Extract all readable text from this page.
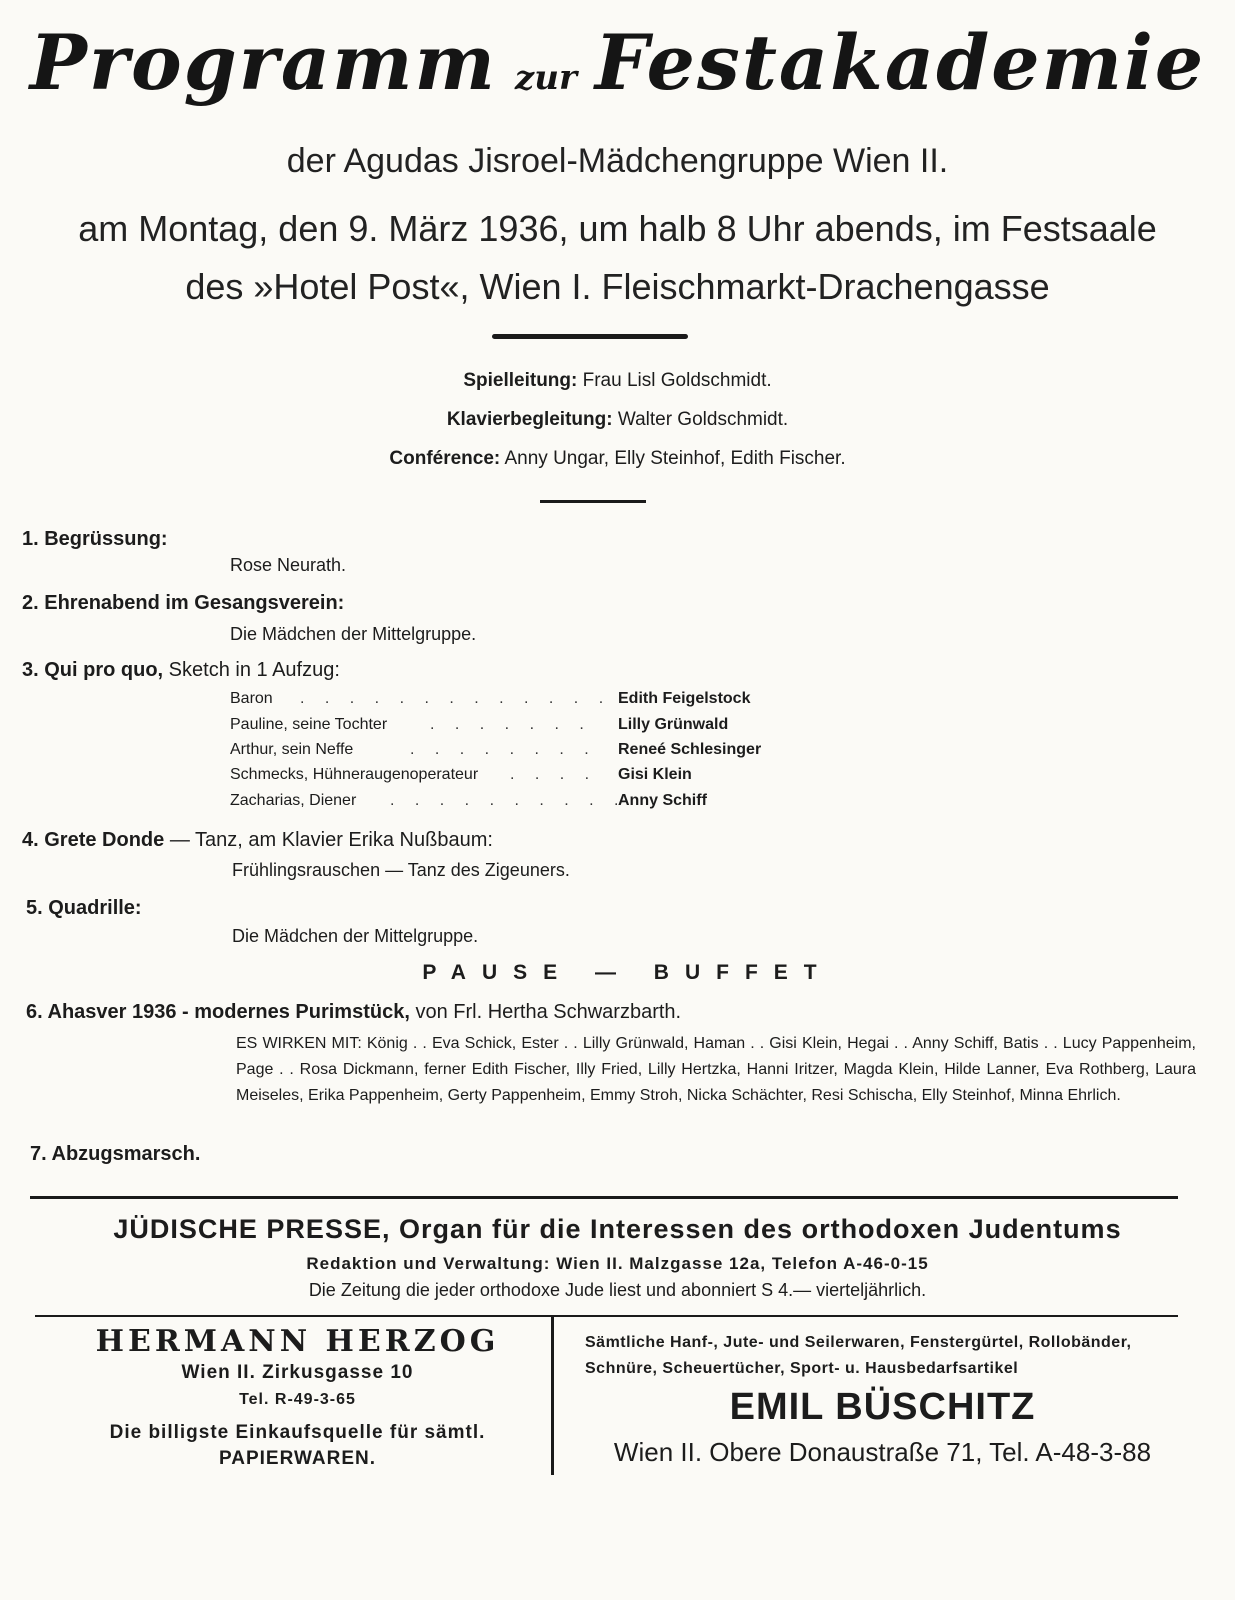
Programm zur Festakademie
der Agudas Jisroel-Mädchengruppe Wien II.
am Montag, den 9. März 1936, um halb 8 Uhr abends, im Festsaale
des »Hotel Post«, Wien I. Fleischmarkt-Drachengasse
Spielleitung: Frau Lisl Goldschmidt.
Klavierbegleitung: Walter Goldschmidt.
Conférence: Anny Ungar, Elly Steinhof, Edith Fischer.
1. Begrüssung:
Rose Neurath.
2. Ehrenabend im Gesangsverein:
Die Mädchen der Mittelgruppe.
3. Qui pro quo, Sketch in 1 Aufzug:
Baron . . . . . . . . . . . . . .
Edith Feigelstock
Pauline, seine Tochter	. . . . . . . Lilly Grünwald
Arthur, sein Neffe	. . . . . . . . Reneé Schlesinger
Schmecks, Hühneraugenoperateur . . . . Gisi Klein
Zacharias, Diener . . . . . . . . . .
Anny Schiff
4. Grete Donde — Tanz, am Klavier Erika Nußbaum:
Frühlingsrauschen — Tanz des Zigeuners.
5. Quadrille:
Die Mädchen der Mittelgruppe.
PAUSE — BUFFET
6. Ahasver 1936 - modernes Purimstück, von Frl. Hertha Schwarzbarth.
ES WIRKEN MIT: König . . Eva Schick, Ester . . Lilly Grünwald, Haman . . Gisi Klein, Hegai . . Anny Schiff, Batis . . Lucy Pappenheim, Page . . Rosa Dickmann, ferner Edith Fischer, Illy Fried, Lilly Hertzka, Hanni Iritzer, Magda Klein, Hilde Lanner, Eva Rothberg, Laura Meiseles, Erika Pappenheim, Gerty Pappenheim, Emmy Stroh, Nicka Schächter, Resi Schischa, Elly Steinhof, Minna Ehrlich.
7. Abzugsmarsch.
JÜDISCHE PRESSE, Organ für die Interessen des orthodoxen Judentums
Redaktion und Verwaltung: Wien II. Malzgasse 12a, Telefon A-46-0-15
Die Zeitung die jeder orthodoxe Jude liest und abonniert S 4.— vierteljährlich.
HERMANN HERZOG
Wien II. Zirkusgasse 10
Tel. R-49-3-65
Die billigste Einkaufsquelle für sämtl.
PAPIERWAREN.
Sämtliche Hanf-, Jute- und Seilerwaren, Fenstergürtel, Rollobänder, Schnüre, Scheuertücher, Sport- u. Hausbedarfsartikel
EMIL BÜSCHITZ
Wien II. Obere Donaustraße 71, Tel. A-48-3-88
